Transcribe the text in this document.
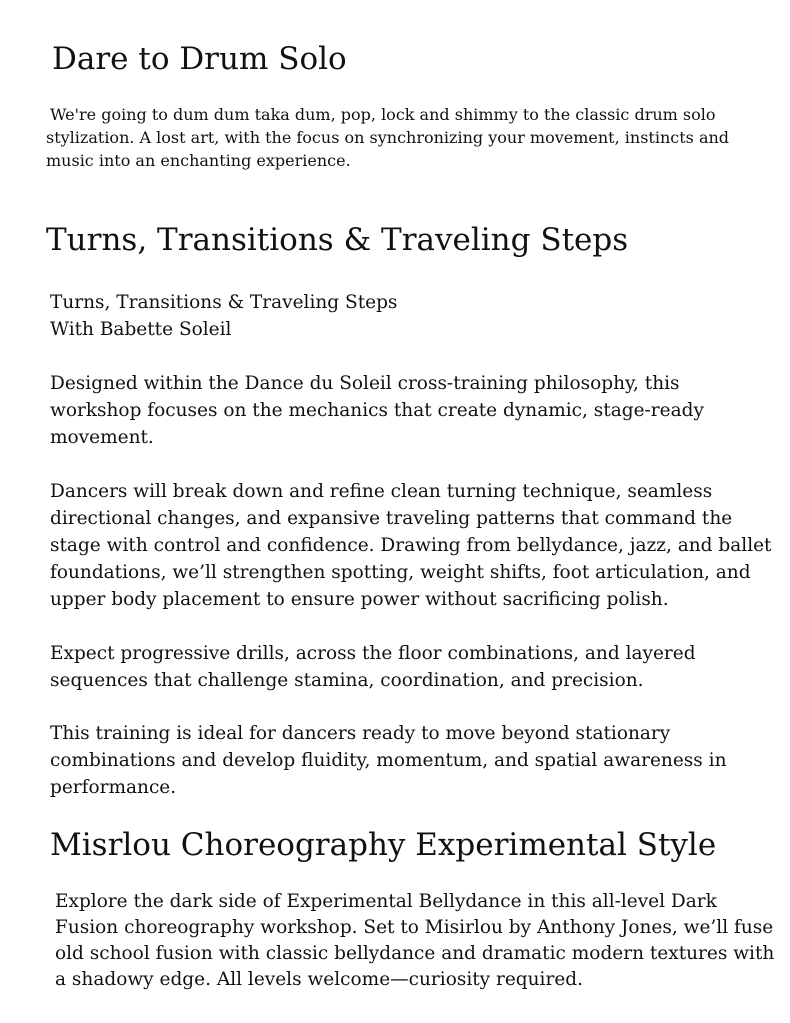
Dare to Drum Solo
We're going to dum dum taka dum, pop, lock and shimmy to the classic drum solo
stylization. A lost art, with the focus on synchronizing your movement, instincts and
music into an enchanting experience.
Turns, Transitions & Traveling Steps
Turns, Transitions & Traveling Steps
With Babette Soleil
Designed within the Dance du Soleil cross-training philosophy, this
workshop focuses on the mechanics that create dynamic, stage-ready
movement.
Dancers will break down and refine clean turning technique, seamless
directional changes, and expansive traveling patterns that command the
stage with control and confidence. Drawing from bellydance, jazz, and ballet
foundations, we’ll strengthen spotting, weight shifts, foot articulation, and
upper body placement to ensure power without sacrificing polish.
Expect progressive drills, across the floor combinations, and layered
sequences that challenge stamina, coordination, and precision.
This training is ideal for dancers ready to move beyond stationary
combinations and develop fluidity, momentum, and spatial awareness in
performance.
Misrlou Choreography Experimental Style
Explore the dark side of Experimental Bellydance in this all-level Dark
Fusion choreography workshop. Set to Misirlou by Anthony Jones, we’ll fuse
old school fusion with classic bellydance and dramatic modern textures with
a shadowy edge. All levels welcome—curiosity required.
